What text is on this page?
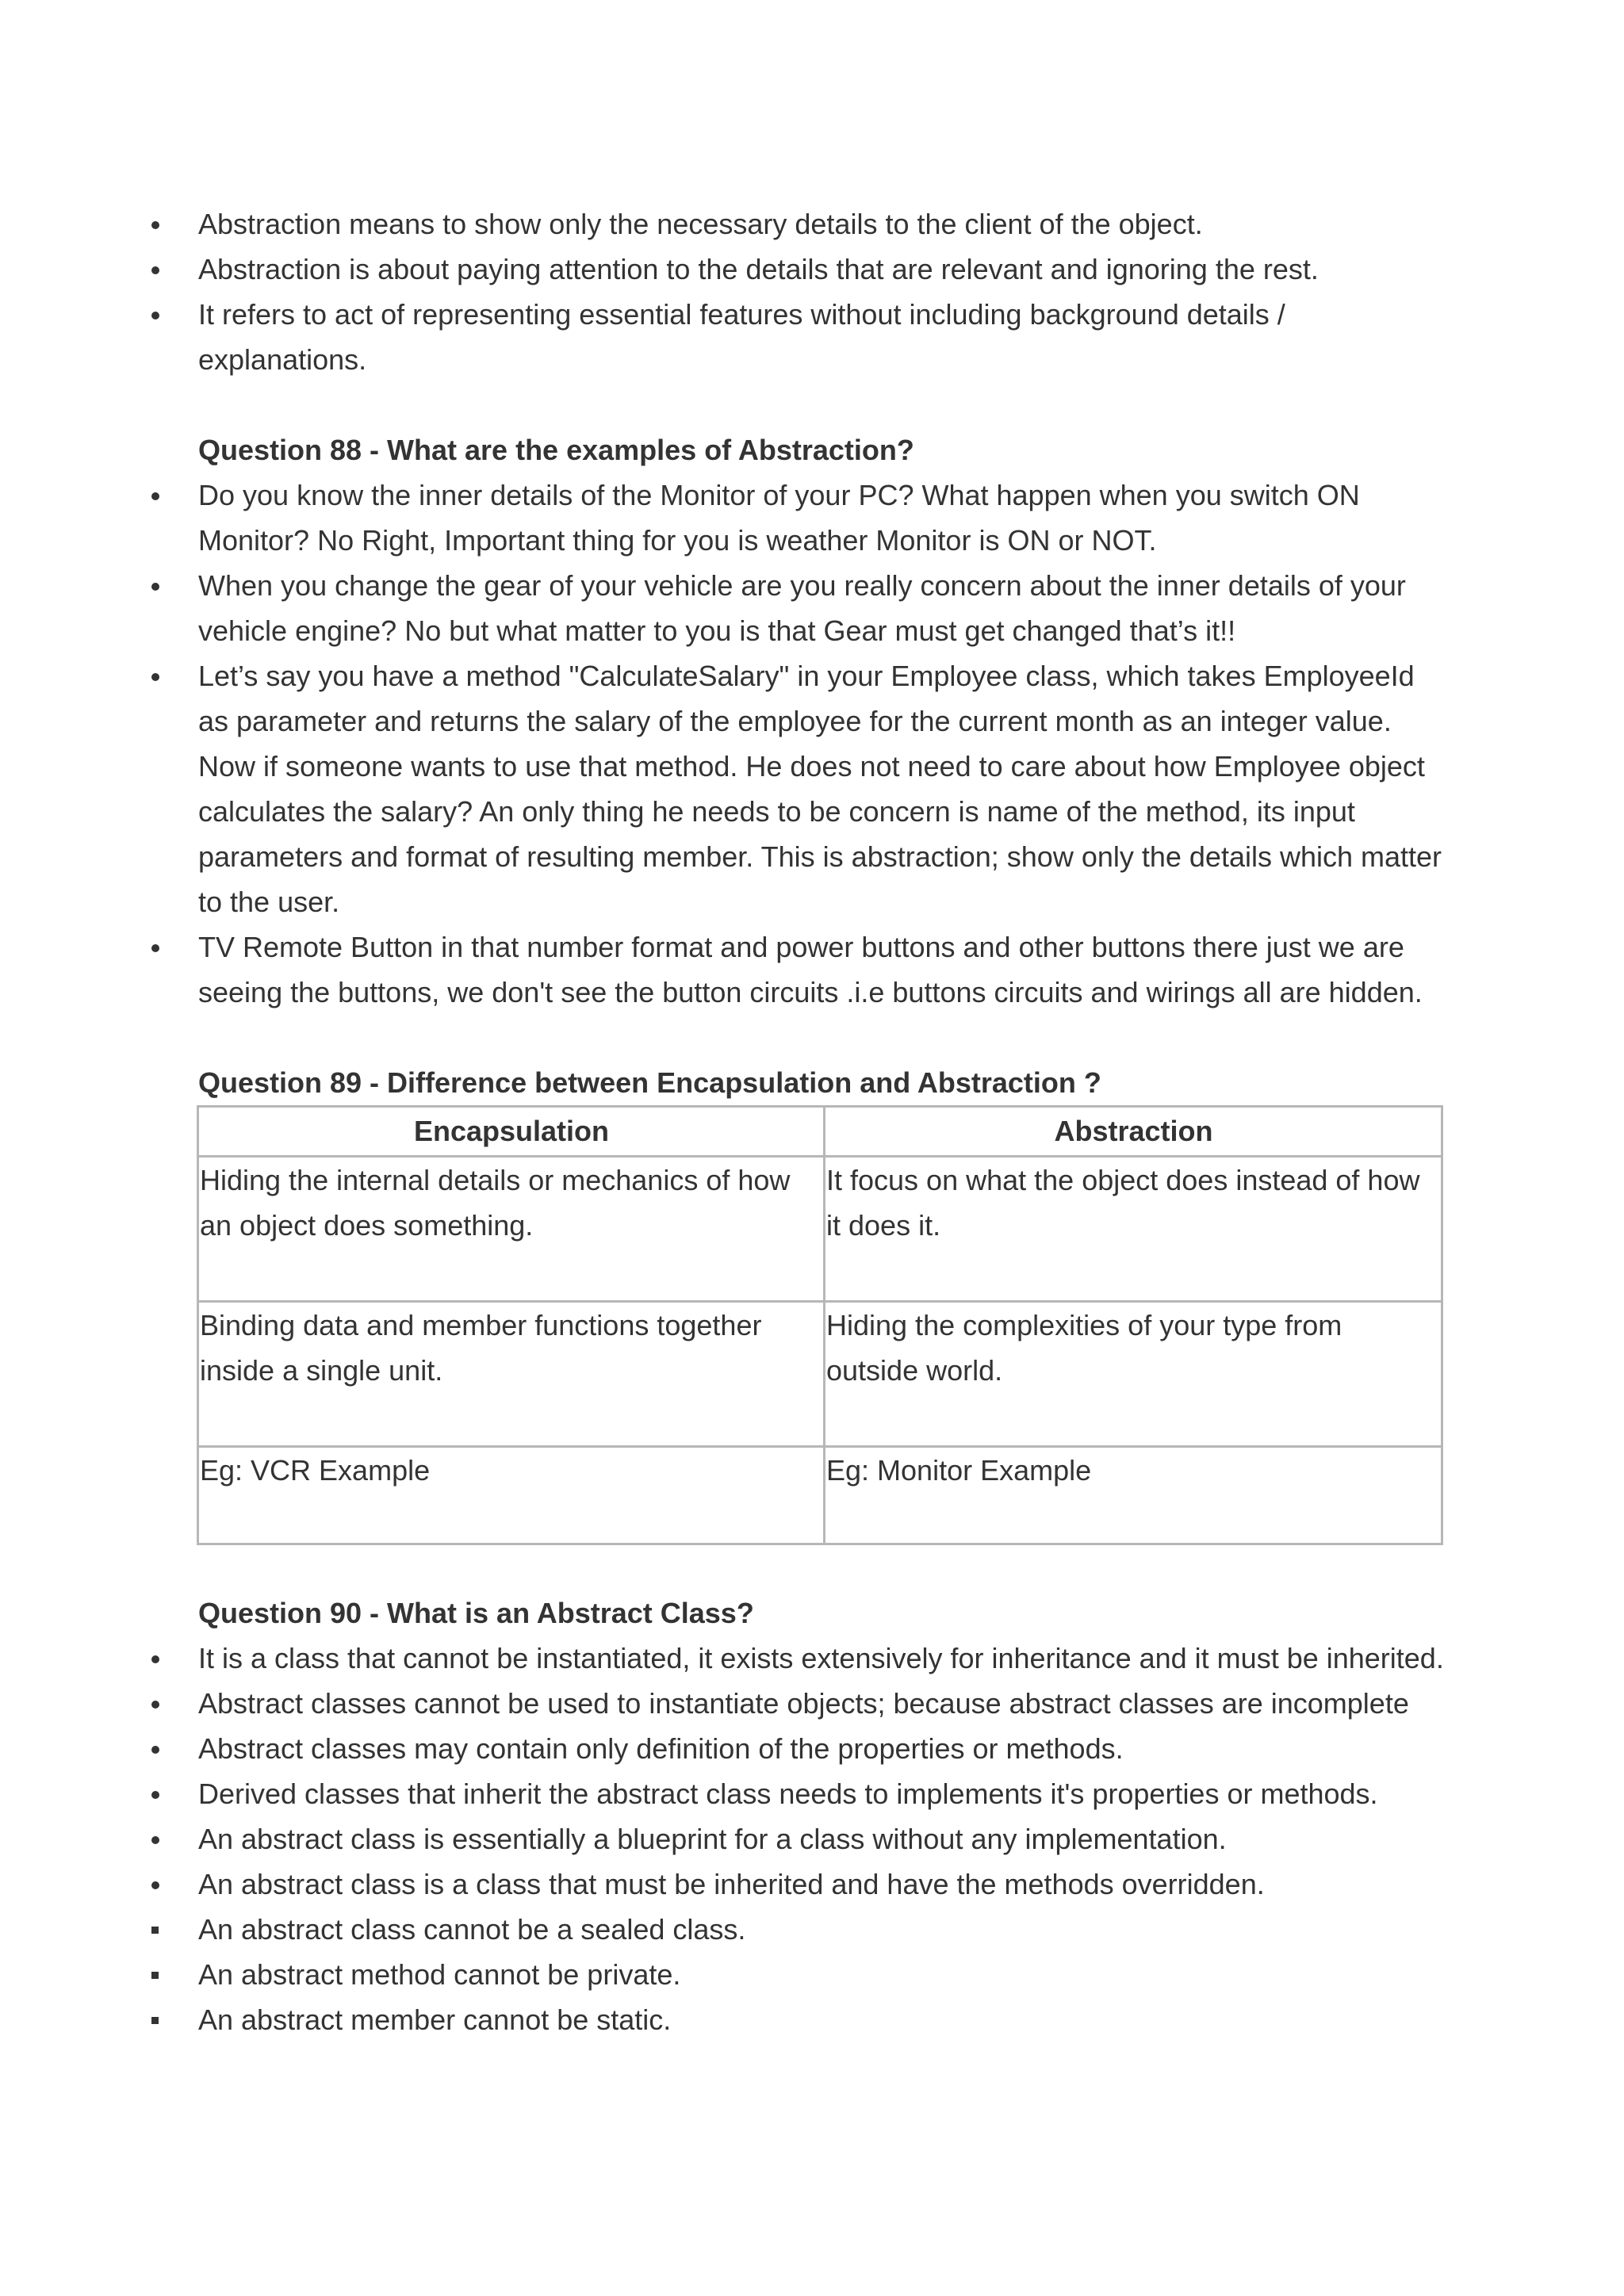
Abstraction means to show only the necessary details to the client of the object.
Abstraction is about paying attention to the details that are relevant and ignoring the rest.
It refers to act of representing essential features without including background details / explanations.
Question 88 - What are the examples of Abstraction?
Do you know the inner details of the Monitor of your PC? What happen when you switch ON Monitor? No Right, Important thing for you is weather Monitor is ON or NOT.
When you change the gear of your vehicle are you really concern about the inner details of your vehicle engine? No but what matter to you is that Gear must get changed that’s it!!
Let’s say you have a method "CalculateSalary" in your Employee class, which takes EmployeeId as parameter and returns the salary of the employee for the current month as an integer value. Now if someone wants to use that method. He does not need to care about how Employee object calculates the salary? An only thing he needs to be concern is name of the method, its input parameters and format of resulting member. This is abstraction; show only the details which matter to the user.
TV Remote Button in that number format and power buttons and other buttons there just we are seeing the buttons, we don't see the button circuits .i.e buttons circuits and wirings all are hidden.
Question 89 - Difference between Encapsulation and Abstraction ?
Encapsulation	Abstraction
Hiding the internal details or mechanics of how an object does something.	It focus on what the object does instead of how it does it.
Binding data and member functions together inside a single unit.	Hiding the complexities of your type from outside world.
Eg: VCR Example	Eg: Monitor Example
Question 90 - What is an Abstract Class?
It is a class that cannot be instantiated, it exists extensively for inheritance and it must be inherited.
Abstract classes cannot be used to instantiate objects; because abstract classes are incomplete
Abstract classes may contain only definition of the properties or methods.
Derived classes that inherit the abstract class needs to implements it's properties or methods.
An abstract class is essentially a blueprint for a class without any implementation.
An abstract class is a class that must be inherited and have the methods overridden.
An abstract class cannot be a sealed class.
An abstract method cannot be private.
An abstract member cannot be static.
